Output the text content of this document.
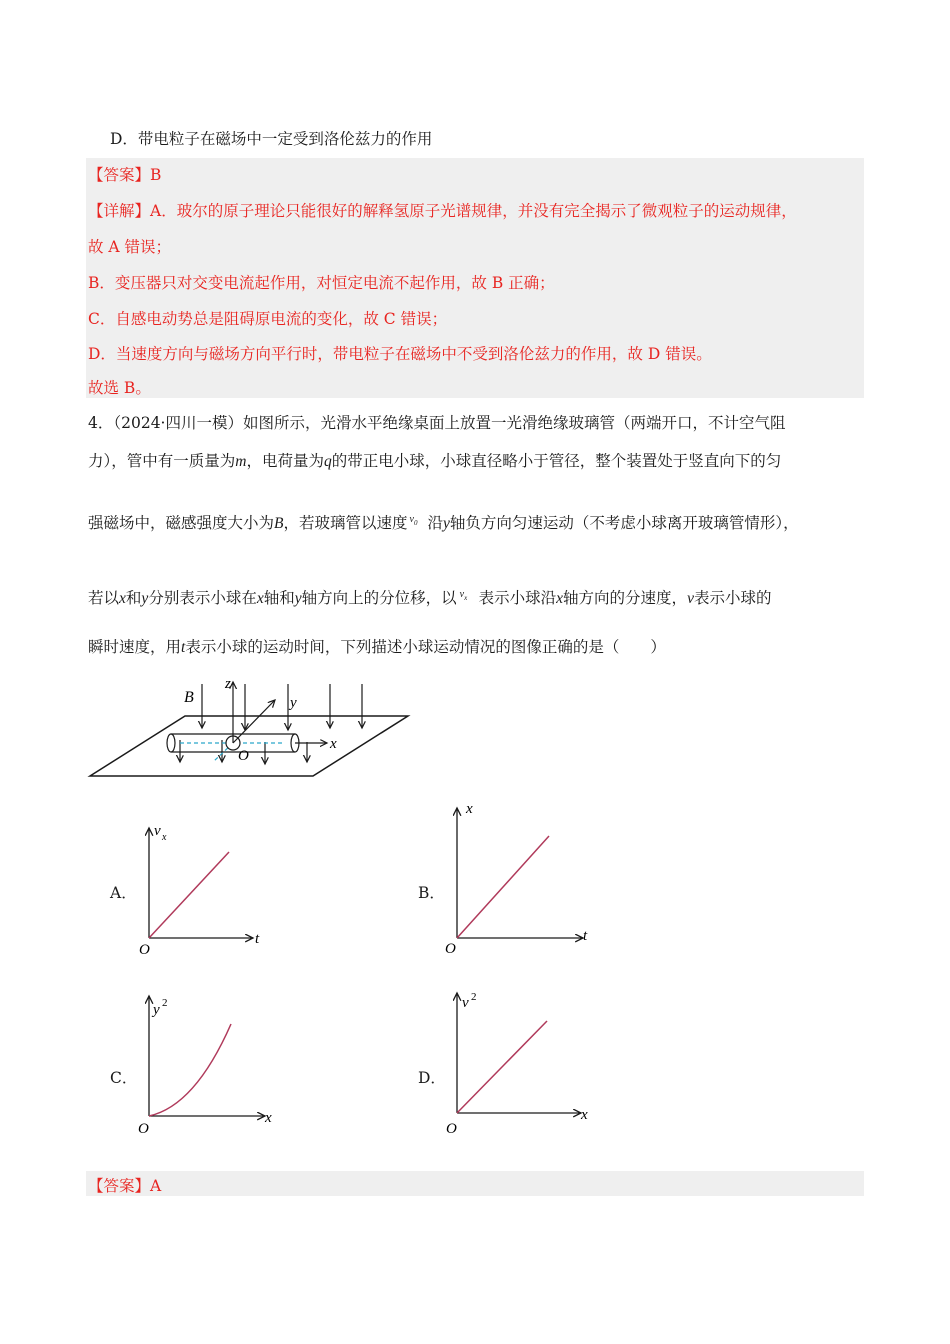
D．带电粒子在磁场中一定受到洛伦兹力的作用
【答案】B
【详解】A．玻尔的原子理论只能很好的解释氢原子光谱规律，并没有完全揭示了微观粒子的运动规律，
故 A 错误；
B．变压器只对交变电流起作用，对恒定电流不起作用，故 B 正确；
C．自感电动势总是阻碍原电流的变化，故 C 错误；
D．当速度方向与磁场方向平行时，带电粒子在磁场中不受到洛伦兹力的作用，故 D 错误。
故选 B。
4．（2024·四川一模）如图所示，光滑水平绝缘桌面上放置一光滑绝缘玻璃管（两端开口，不计空气阻
力），管中有一质量为m，电荷量为q的带正电小球，小球直径略小于管径，整个装置处于竖直向下的匀
强磁场中，磁感强度大小为B，若玻璃管以速度 $v_0$ 沿y轴负方向匀速运动（不考虑小球离开玻璃管情形），
若以x和y分别表示小球在x轴和y轴方向上的分位移，以 $v_x$ 表示小球沿x轴方向的分速度，v表示小球的
瞬时速度，用t表示小球的运动时间，下列描述小球运动情况的图像正确的是（　　）
B
z
y
x
O
A．	B．
C．	D．
v x
t
O
x
t
O
y 2
x
O
v 2
x
O
【答案】A
